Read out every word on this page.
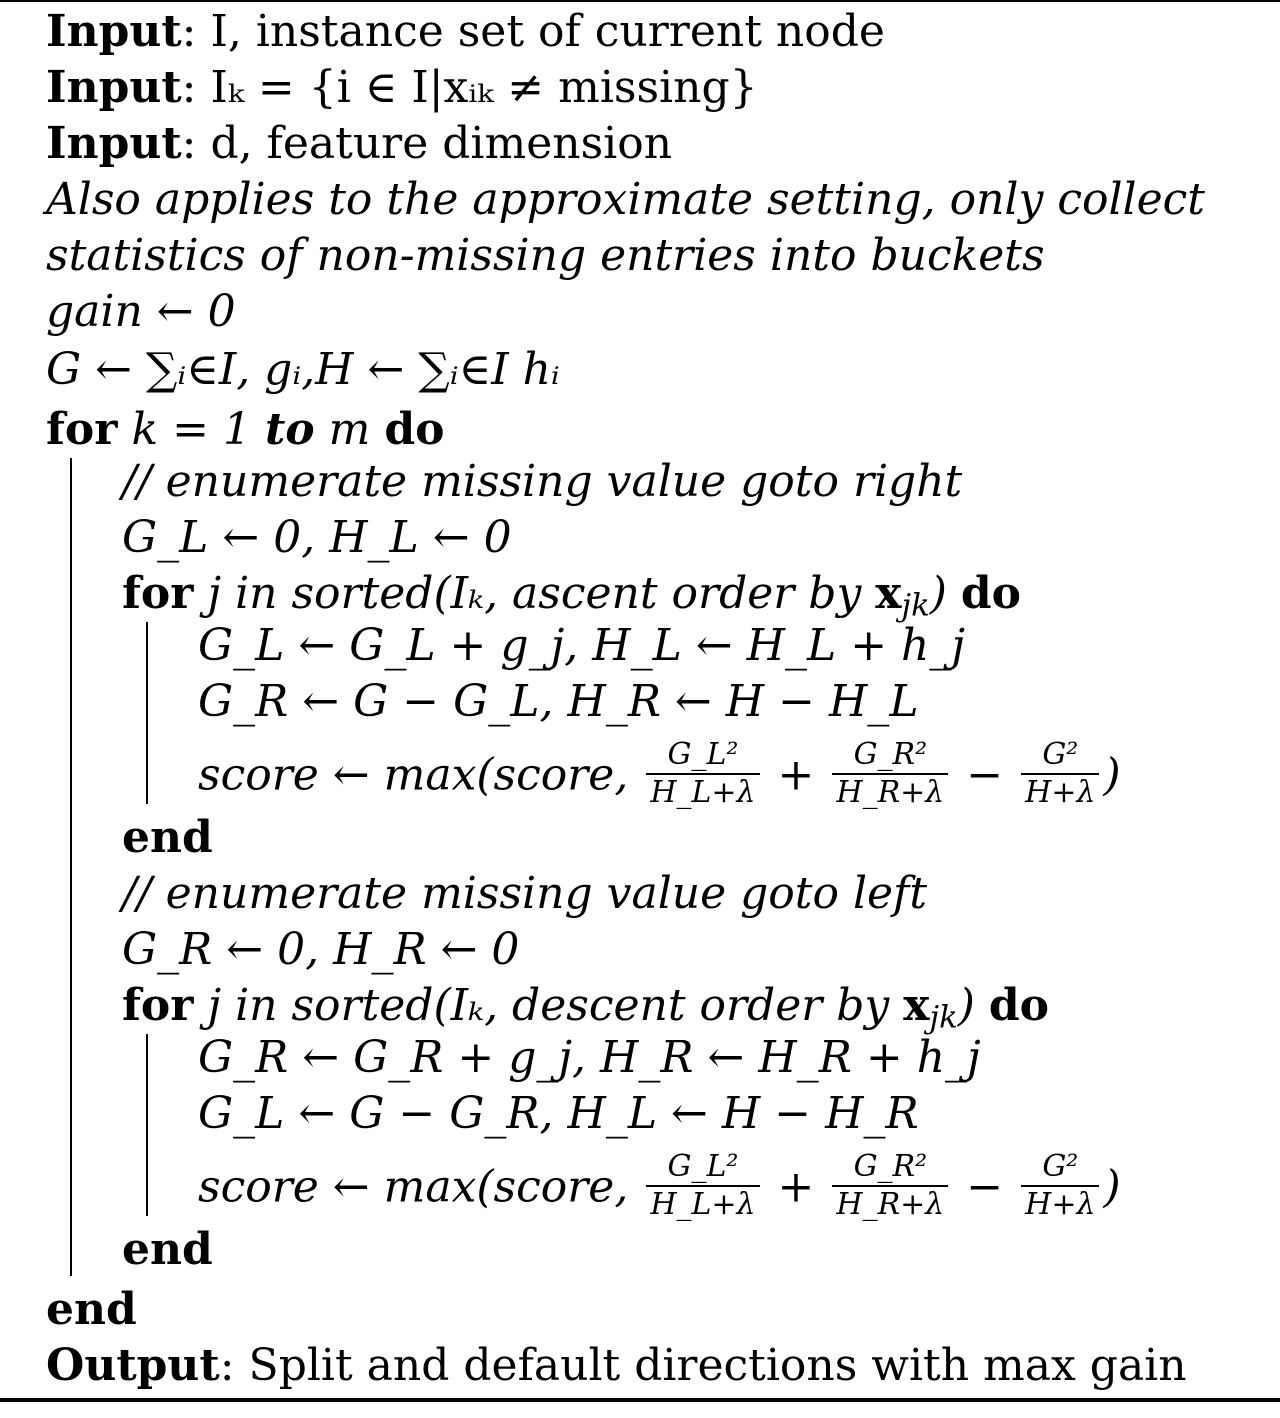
Input: I, instance set of current node
Input: Iₖ = {i ∈ I|xᵢₖ ≠ missing}
Input: d, feature dimension
Also applies to the approximate setting, only collect
statistics of non-missing entries into buckets
gain ← 0
G ← ∑ᵢ∈I, gᵢ,H ← ∑ᵢ∈I hᵢ
for k = 1 to m do
// enumerate missing value goto right
G_L ← 0, H_L ← 0
for j in sorted(Iₖ, ascent order by $x_{jk}$) do
G_L ← G_L + g_j, H_L ← H_L + h_j
G_R ← G − G_L, H_R ← H − H_L
score ← max(score, $\frac{\text{G\_L²}}{H\_L+\lambda} + \frac{\text{G\_R²}}{H\_R+\lambda} - \frac{\text{G²}}{H+\lambda}$ )
end
// enumerate missing value goto left
G_R ← 0, H_R ← 0
for j in sorted(Iₖ, descent order by $x_{jk}$) do
G_R ← G_R + g_j, H_R ← H_R + h_j
G_L ← G − G_R, H_L ← H − H_R
score ← max(score, $\frac{\text{G\_L²}}{H\_L+\lambda} + \frac{\text{G\_R²}}{H\_R+\lambda} - \frac{\text{G²}}{H+\lambda}$ )
end
end
Output: Split and default directions with max gain
